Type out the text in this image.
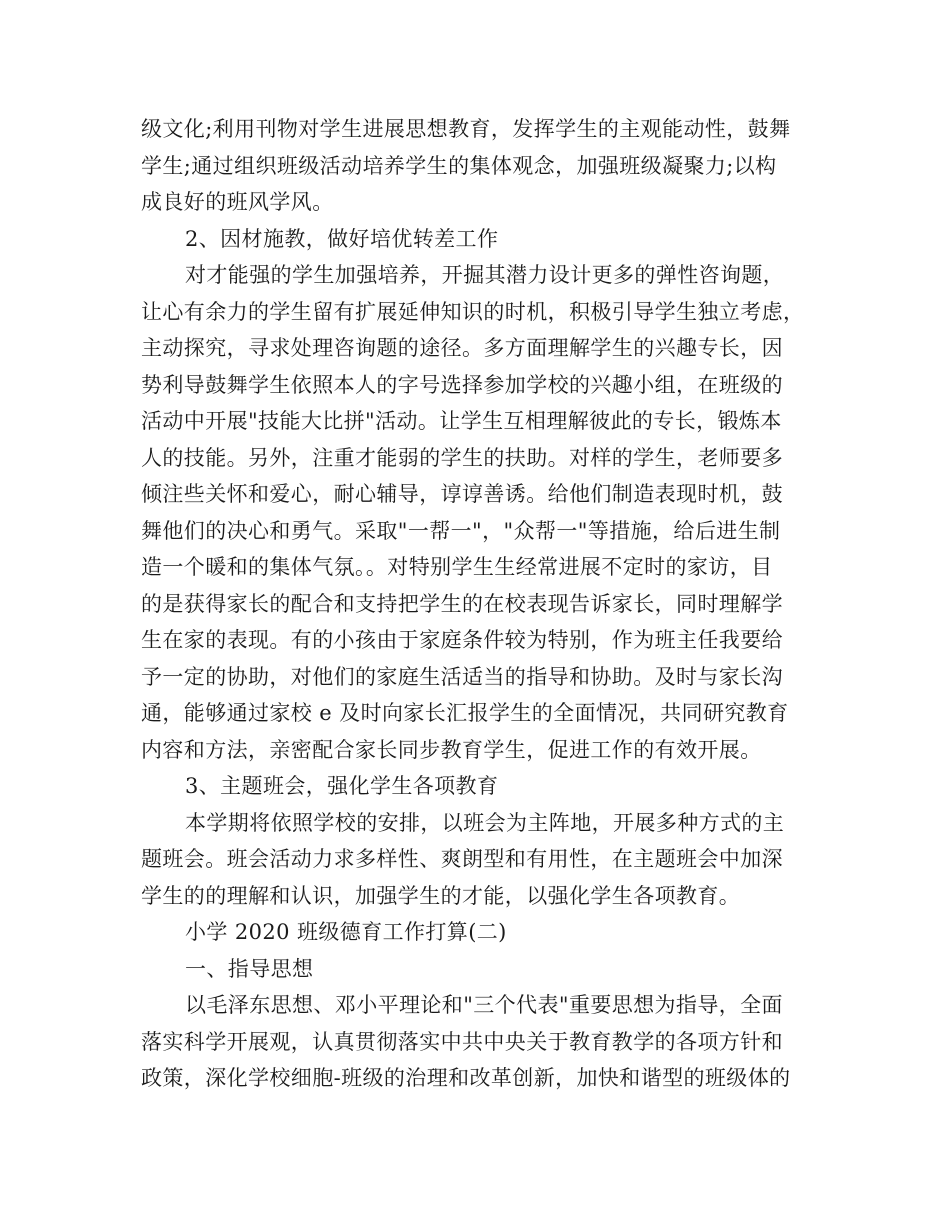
级文化;利用刊物对学生进展思想教育，发挥学生的主观能动性，鼓舞
学生;通过组织班级活动培养学生的集体观念，加强班级凝聚力;以构
成良好的班风学风。
2、因材施教，做好培优转差工作
对才能强的学生加强培养，开掘其潜力设计更多的弹性咨询题，
让心有余力的学生留有扩展延伸知识的时机，积极引导学生独立考虑，
主动探究，寻求处理咨询题的途径。多方面理解学生的兴趣专长，因
势利导鼓舞学生依照本人的字号选择参加学校的兴趣小组，在班级的
活动中开展"技能大比拼"活动。让学生互相理解彼此的专长，锻炼本
人的技能。另外，注重才能弱的学生的扶助。对样的学生，老师要多
倾注些关怀和爱心，耐心辅导，谆谆善诱。给他们制造表现时机，鼓
舞他们的决心和勇气。采取"一帮一"，"众帮一"等措施，给后进生制
造一个暖和的集体气氛。。对特别学生生经常进展不定时的家访，目
的是获得家长的配合和支持把学生的在校表现告诉家长，同时理解学
生在家的表现。有的小孩由于家庭条件较为特别，作为班主任我要给
予一定的协助，对他们的家庭生活适当的指导和协助。及时与家长沟
通，能够通过家校 e 及时向家长汇报学生的全面情况，共同研究教育
内容和方法，亲密配合家长同步教育学生，促进工作的有效开展。
3、主题班会，强化学生各项教育
本学期将依照学校的安排，以班会为主阵地，开展多种方式的主
题班会。班会活动力求多样性、爽朗型和有用性，在主题班会中加深
学生的的理解和认识，加强学生的才能，以强化学生各项教育。
小学 2020 班级德育工作打算(二)
一、指导思想
以毛泽东思想、邓小平理论和"三个代表"重要思想为指导，全面
落实科学开展观，认真贯彻落实中共中央关于教育教学的各项方针和
政策，深化学校细胞-班级的治理和改革创新，加快和谐型的班级体的
